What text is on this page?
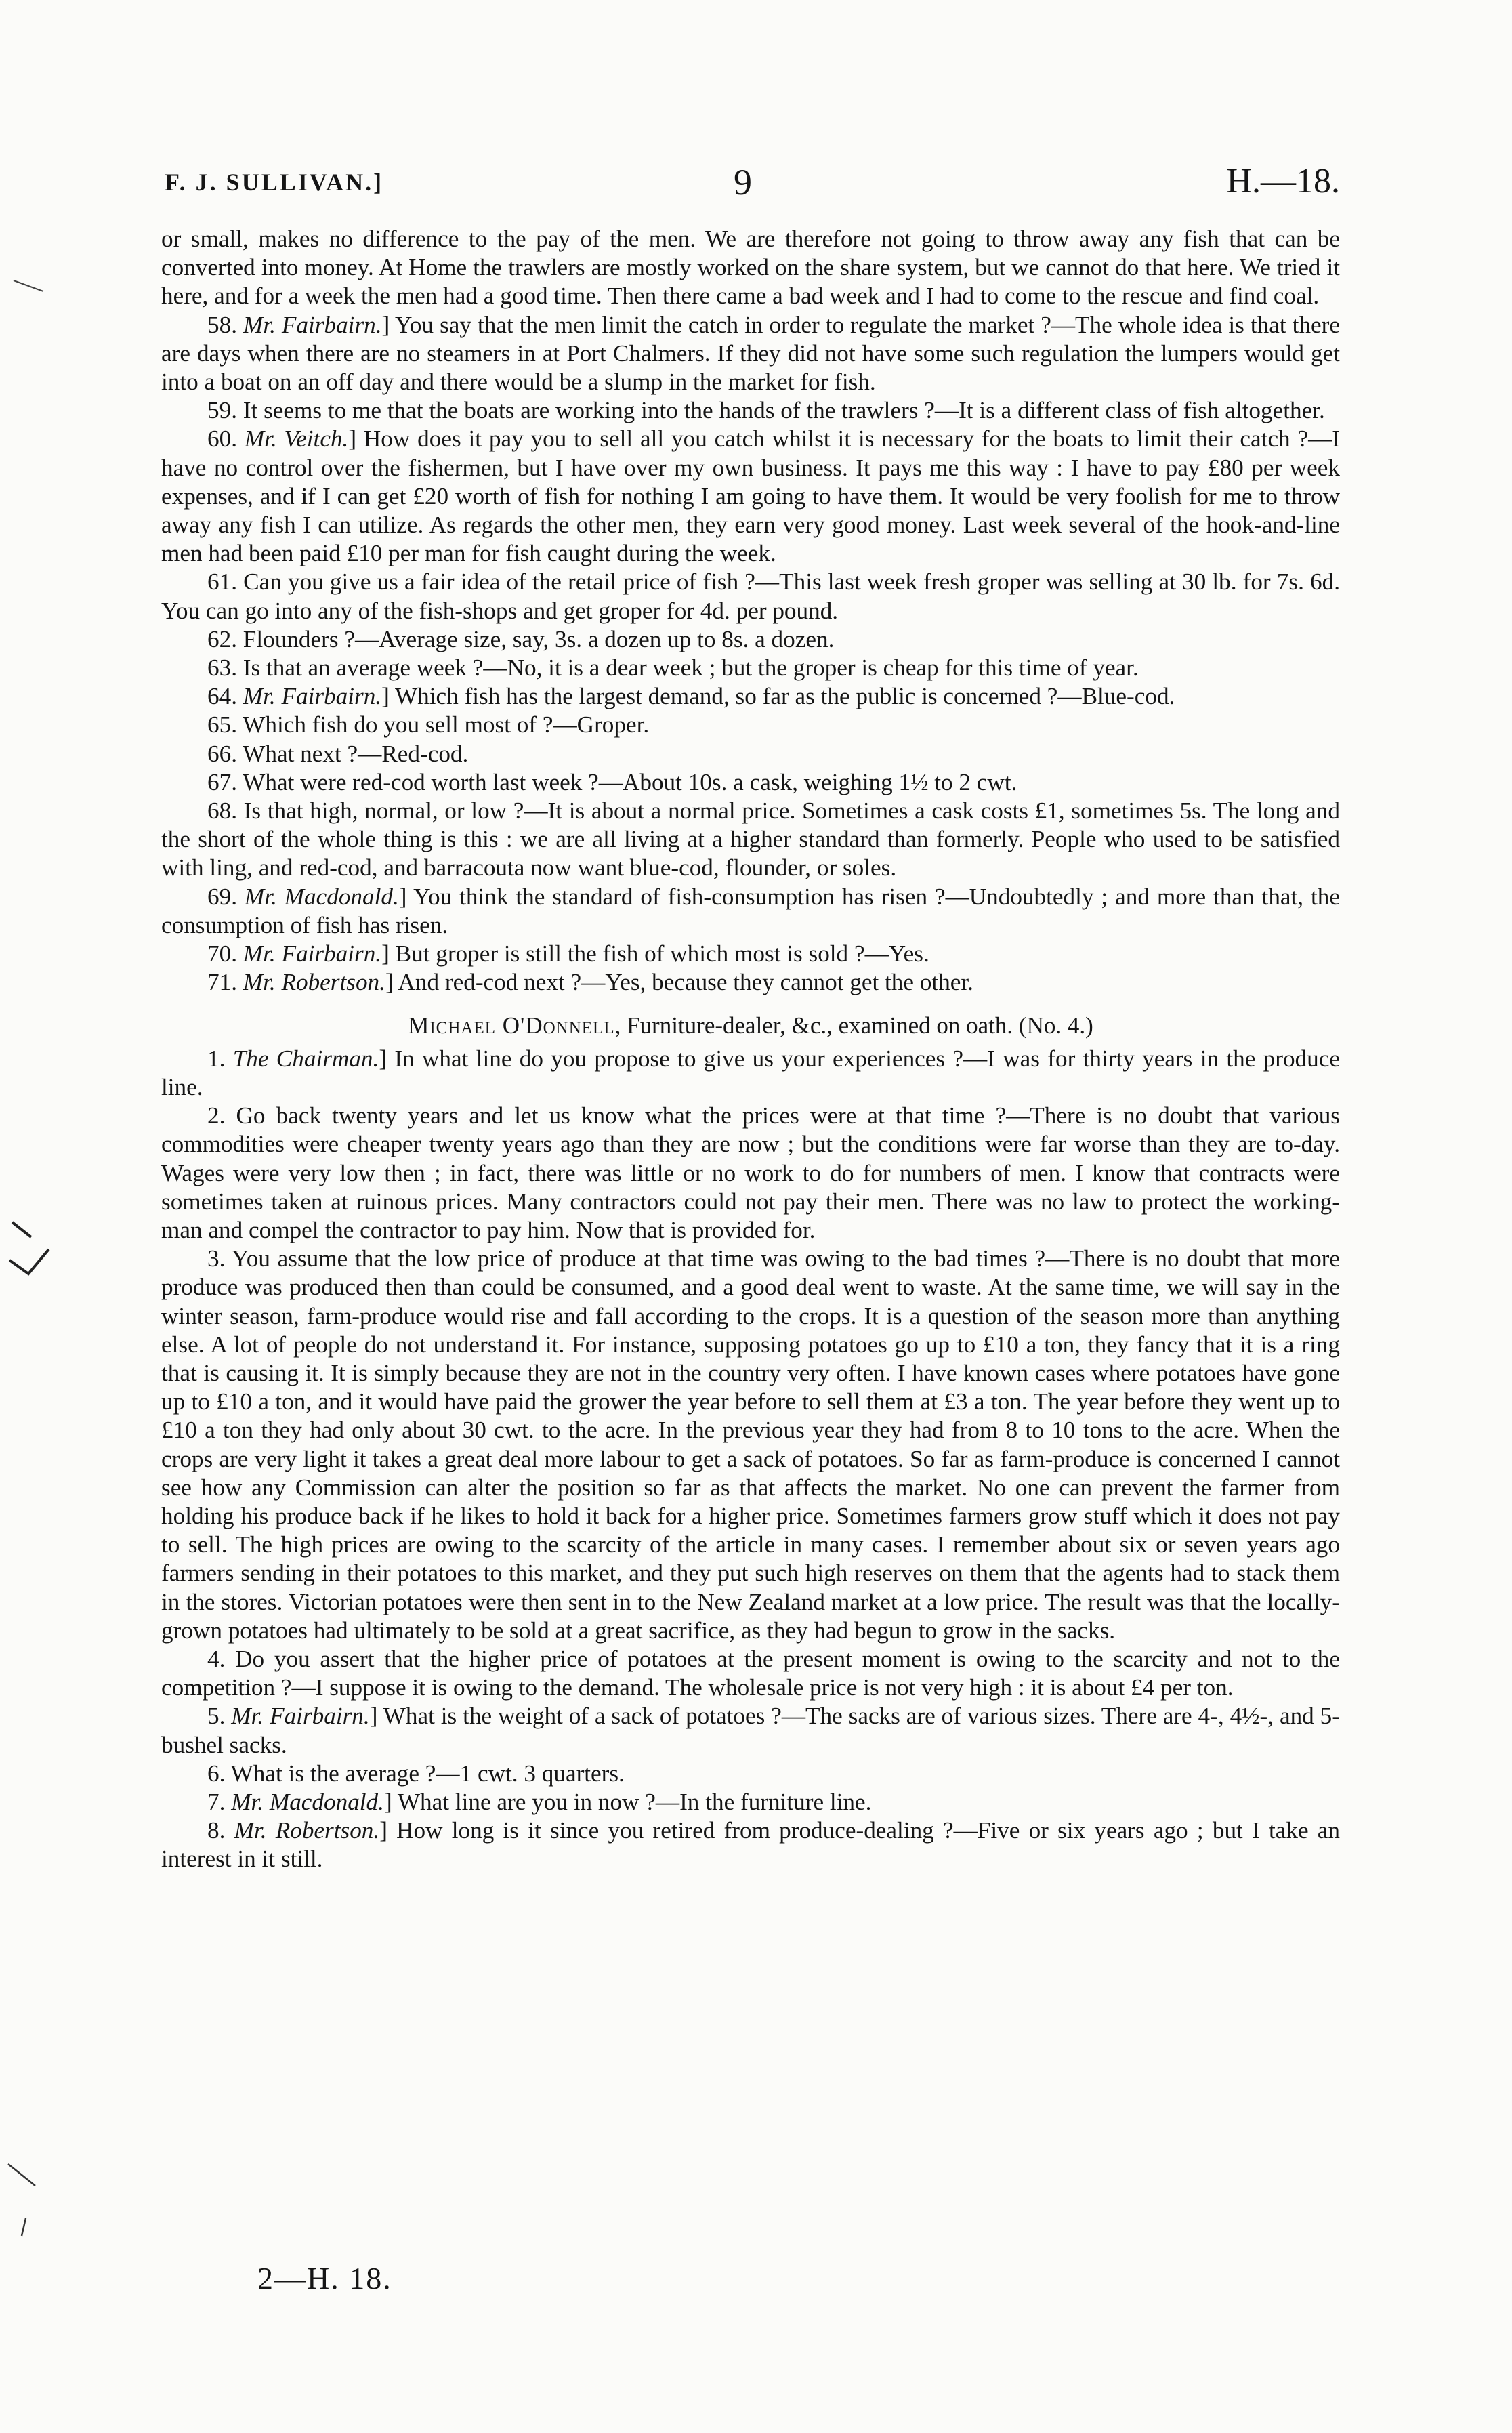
F. J. SULLIVAN.]	9	H.—18.

or small, makes no difference to the pay of the men. We are therefore not going to throw away any fish that can be converted into money. At Home the trawlers are mostly worked on the share system, but we cannot do that here. We tried it here, and for a week the men had a good time. Then there came a bad week and I had to come to the rescue and find coal.

58. Mr. Fairbairn.] You say that the men limit the catch in order to regulate the market ?—The whole idea is that there are days when there are no steamers in at Port Chalmers. If they did not have some such regulation the lumpers would get into a boat on an off day and there would be a slump in the market for fish.

59. It seems to me that the boats are working into the hands of the trawlers ?—It is a different class of fish altogether.

60. Mr. Veitch.] How does it pay you to sell all you catch whilst it is necessary for the boats to limit their catch ?—I have no control over the fishermen, but I have over my own business. It pays me this way : I have to pay £80 per week expenses, and if I can get £20 worth of fish for nothing I am going to have them. It would be very foolish for me to throw away any fish I can utilize. As regards the other men, they earn very good money. Last week several of the hook-and-line men had been paid £10 per man for fish caught during the week.

61. Can you give us a fair idea of the retail price of fish ?—This last week fresh groper was selling at 30 lb. for 7s. 6d. You can go into any of the fish-shops and get groper for 4d. per pound.

62. Flounders ?—Average size, say, 3s. a dozen up to 8s. a dozen.

63. Is that an average week ?—No, it is a dear week ; but the groper is cheap for this time of year.

64. Mr. Fairbairn.] Which fish has the largest demand, so far as the public is concerned ?—Blue-cod.

65. Which fish do you sell most of ?—Groper.

66. What next ?—Red-cod.

67. What were red-cod worth last week ?—About 10s. a cask, weighing 1½ to 2 cwt.

68. Is that high, normal, or low ?—It is about a normal price. Sometimes a cask costs £1, sometimes 5s. The long and the short of the whole thing is this : we are all living at a higher standard than formerly. People who used to be satisfied with ling, and red-cod, and barracouta now want blue-cod, flounder, or soles.

69. Mr. Macdonald.] You think the standard of fish-consumption has risen ?—Undoubtedly ; and more than that, the consumption of fish has risen.

70. Mr. Fairbairn.] But groper is still the fish of which most is sold ?—Yes.

71. Mr. Robertson.] And red-cod next ?—Yes, because they cannot get the other.

Michael O'Donnell, Furniture-dealer, &c., examined on oath. (No. 4.)

1. The Chairman.] In what line do you propose to give us your experiences ?—I was for thirty years in the produce line.

2. Go back twenty years and let us know what the prices were at that time ?—There is no doubt that various commodities were cheaper twenty years ago than they are now ; but the conditions were far worse than they are to-day. Wages were very low then ; in fact, there was little or no work to do for numbers of men. I know that contracts were sometimes taken at ruinous prices. Many contractors could not pay their men. There was no law to protect the working-man and compel the contractor to pay him. Now that is provided for.

3. You assume that the low price of produce at that time was owing to the bad times ?—There is no doubt that more produce was produced then than could be consumed, and a good deal went to waste. At the same time, we will say in the winter season, farm-produce would rise and fall according to the crops. It is a question of the season more than anything else. A lot of people do not understand it. For instance, supposing potatoes go up to £10 a ton, they fancy that it is a ring that is causing it. It is simply because they are not in the country very often. I have known cases where potatoes have gone up to £10 a ton, and it would have paid the grower the year before to sell them at £3 a ton. The year before they went up to £10 a ton they had only about 30 cwt. to the acre. In the previous year they had from 8 to 10 tons to the acre. When the crops are very light it takes a great deal more labour to get a sack of potatoes. So far as farm-produce is concerned I cannot see how any Commission can alter the position so far as that affects the market. No one can prevent the farmer from holding his produce back if he likes to hold it back for a higher price. Sometimes farmers grow stuff which it does not pay to sell. The high prices are owing to the scarcity of the article in many cases. I remember about six or seven years ago farmers sending in their potatoes to this market, and they put such high reserves on them that the agents had to stack them in the stores. Victorian potatoes were then sent in to the New Zealand market at a low price. The result was that the locally-grown potatoes had ultimately to be sold at a great sacrifice, as they had begun to grow in the sacks.

4. Do you assert that the higher price of potatoes at the present moment is owing to the scarcity and not to the competition ?—I suppose it is owing to the demand. The wholesale price is not very high : it is about £4 per ton.

5. Mr. Fairbairn.] What is the weight of a sack of potatoes ?—The sacks are of various sizes. There are 4-, 4½-, and 5-bushel sacks.

6. What is the average ?—1 cwt. 3 quarters.

7. Mr. Macdonald.] What line are you in now ?—In the furniture line.

8. Mr. Robertson.] How long is it since you retired from produce-dealing ?—Five or six years ago ; but I take an interest in it still.

2—H. 18.
